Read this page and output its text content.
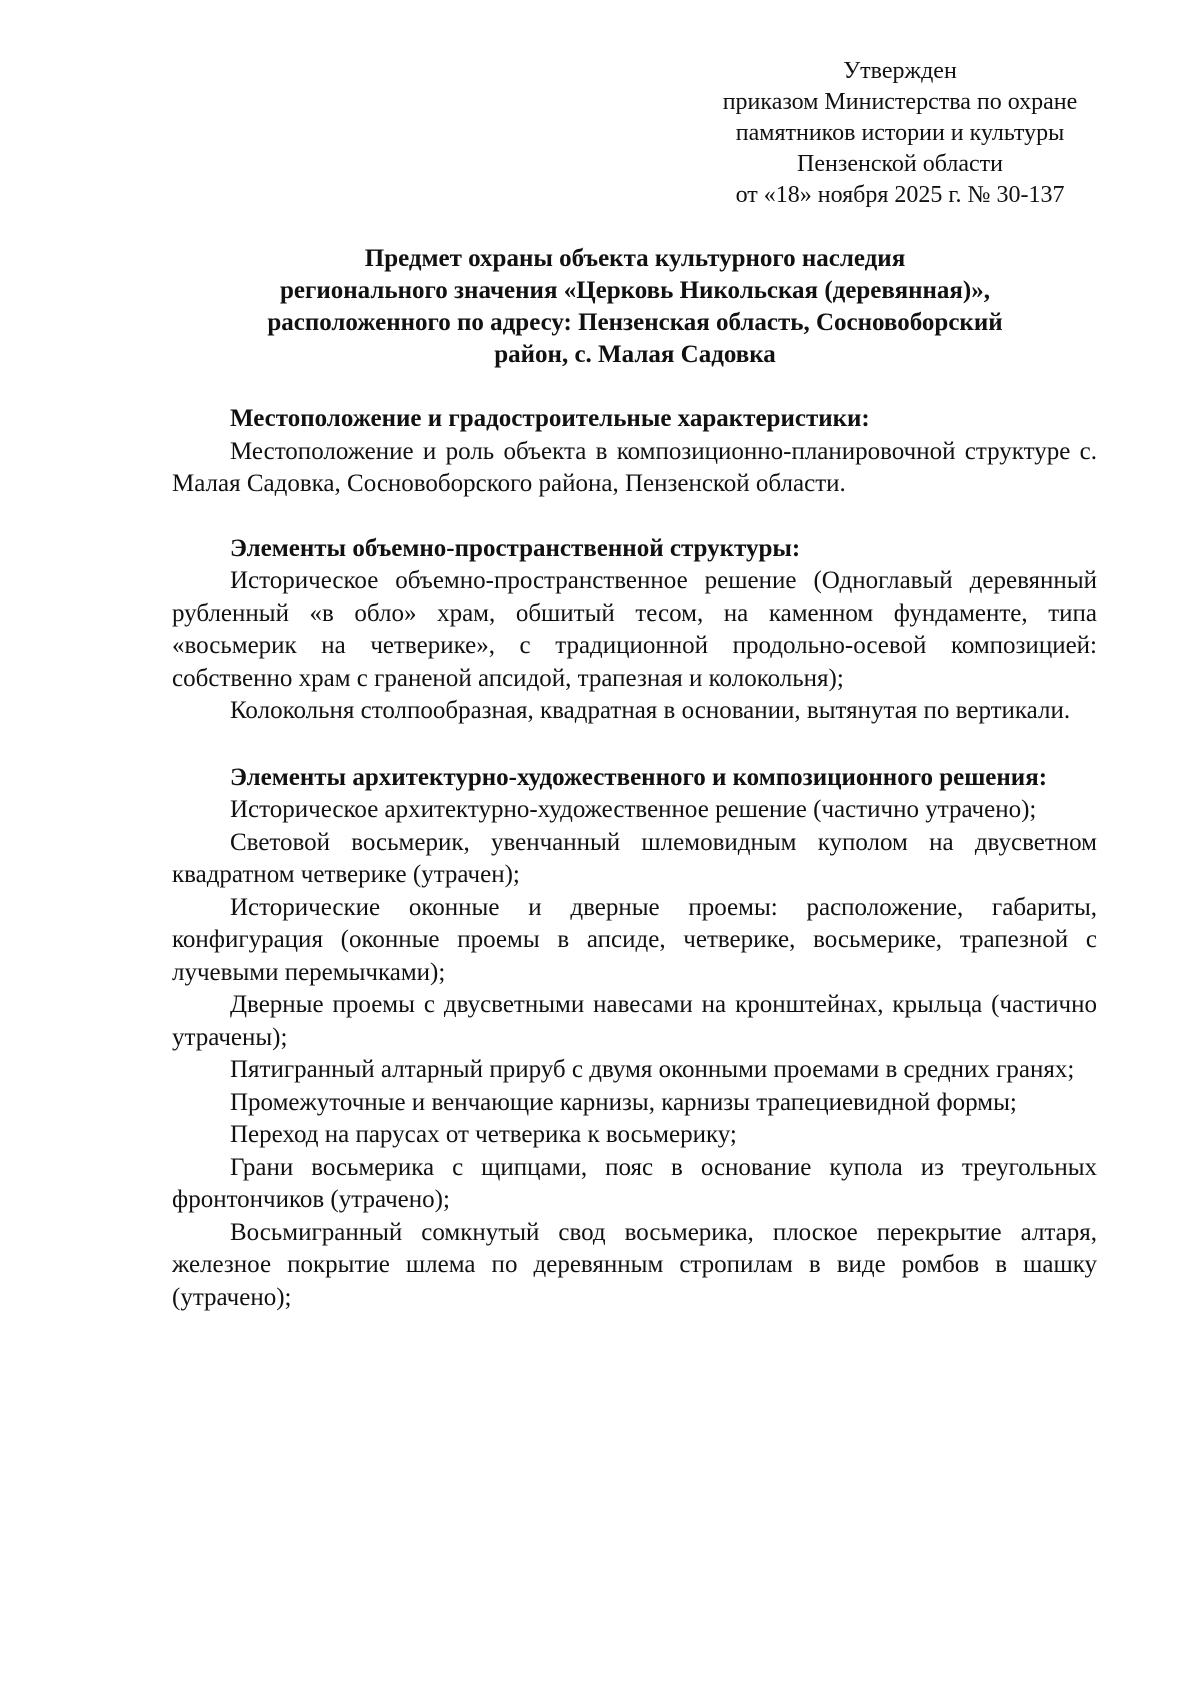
Утвержден
приказом Министерства по охране
памятников истории и культуры
Пензенской области
от «18» ноября 2025 г. № 30-137
Предмет охраны объекта культурного наследия
регионального значения «Церковь Никольская (деревянная)»,
расположенного по адресу: Пензенская область, Сосновоборский
район, с. Малая Садовка
Местоположение и градостроительные характеристики:
Местоположение и роль объекта в композиционно-планировочной структуре с. Малая Садовка, Сосновоборского района, Пензенской области.
Элементы объемно-пространственной структуры:
Историческое объемно-пространственное решение (Одноглавый деревянный рубленный «в обло» храм, обшитый тесом, на каменном фундаменте, типа «восьмерик на четверике», с традиционной продольно-осевой композицией: собственно храм с граненой апсидой, трапезная и колокольня);
Колокольня столпообразная, квадратная в основании, вытянутая по вертикали.
Элементы архитектурно-художественного и композиционного решения:
Историческое архитектурно-художественное решение (частично утрачено);
Световой восьмерик, увенчанный шлемовидным куполом на двусветном квадратном четверике (утрачен);
Исторические оконные и дверные проемы: расположение, габариты, конфигурация (оконные проемы в апсиде, четверике, восьмерике, трапезной с лучевыми перемычками);
Дверные проемы с двусветными навесами на кронштейнах, крыльца (частично утрачены);
Пятигранный алтарный прируб с двумя оконными проемами в средних гранях;
Промежуточные и венчающие карнизы, карнизы трапециевидной формы;
Переход на парусах от четверика к восьмерику;
Грани восьмерика с щипцами, пояс в основание купола из треугольных фронтончиков (утрачено);
Восьмигранный сомкнутый свод восьмерика, плоское перекрытие алтаря, железное покрытие шлема по деревянным стропилам в виде ромбов в шашку (утрачено);
